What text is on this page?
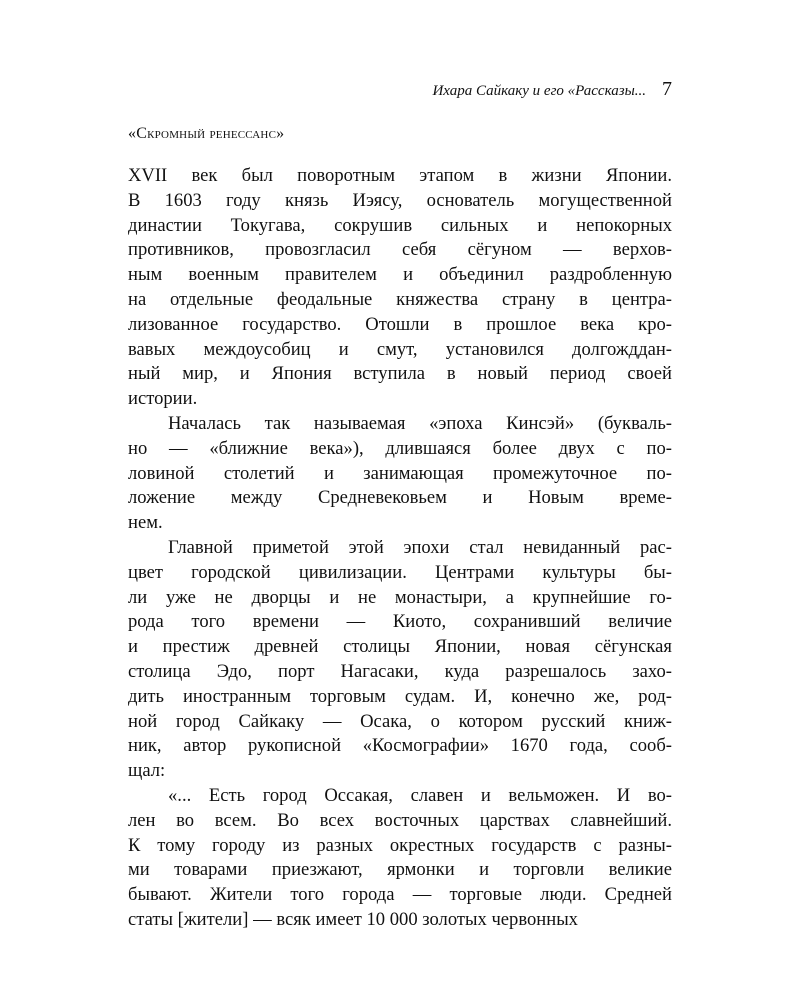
Ихара Сайкаку и его «Рассказы... 7
«Скромный ренессанс»

XVII век был поворотным этапом в жизни Японии.
В 1603 году князь Иэясу, основатель могущественной
династии Токугава, сокрушив сильных и непокорных
противников, провозгласил себя сёгуном — верхов-
ным военным правителем и объединил раздробленную
на отдельные феодальные княжества страну в центра-
лизованное государство. Отошли в прошлое века кро-
вавых междоусобиц и смут, установился долгожддан-
ный мир, и Япония вступила в новый период своей
истории.

Началась так называемая «эпоха Кинсэй» (букваль-
но — «ближние века»), длившаяся более двух с по-
ловиной столетий и занимающая промежуточное по-
ложение между Средневековьем и Новым време-
нем.

Главной приметой этой эпохи стал невиданный рас-
цвет городской цивилизации. Центрами культуры бы-
ли уже не дворцы и не монастыри, а крупнейшие го-
рода того времени — Киото, сохранивший величие
и престиж древней столицы Японии, новая сёгунская
столица Эдо, порт Нагасаки, куда разрешалось захо-
дить иностранным торговым судам. И, конечно же, род-
ной город Сайкаку — Осака, о котором русский книж-
ник, автор рукописной «Космографии» 1670 года, сооб-
щал:

«... Есть город Оссакая, славен и вельможен. И во-
лен во всем. Во всех восточных царствах славнейший.
К тому городу из разных окрестных государств с разны-
ми товарами приезжают, ярмонки и торговли великие
бывают. Жители того города — торговые люди. Средней
статы [жители] — всяк имеет 10 000 золотых червонных
